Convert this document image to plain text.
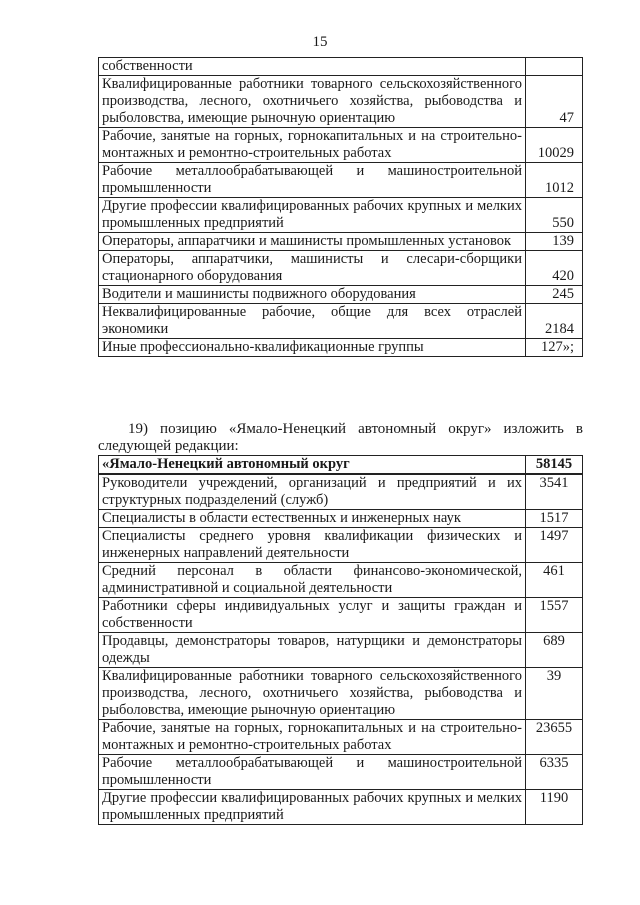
15
собственности	
Квалифицированные работники товарного сельскохозяйственного производства, лесного, охотничьего хозяйства, рыбоводства и рыболовства, имеющие рыночную ориентацию	47
Рабочие, занятые на горных, горнокапитальных и на строительно-монтажных и ремонтно-строительных работах	10029
Рабочие металлообрабатывающей и машиностроительной промышленности	1012
Другие профессии квалифицированных рабочих крупных и мелких промышленных предприятий	550
Операторы, аппаратчики и машинисты промышленных установок	139
Операторы, аппаратчики, машинисты и слесари-сборщики стационарного оборудования	420
Водители и машинисты подвижного оборудования	245
Неквалифицированные рабочие, общие для всех отраслей экономики	2184
Иные профессионально-квалификационные группы	127»;
19) позицию «Ямало-Ненецкий автономный округ» изложить в следующей редакции:
«Ямало-Ненецкий автономный округ	58145
Руководители учреждений, организаций и предприятий и их структурных подразделений (служб)	3541
Специалисты в области естественных и инженерных наук	1517
Специалисты среднего уровня квалификации физических и инженерных направлений деятельности	1497
Средний персонал в области финансово-экономической, административной и социальной деятельности	461
Работники сферы индивидуальных услуг и защиты граждан и собственности	1557
Продавцы, демонстраторы товаров, натурщики и демонстраторы одежды	689
Квалифицированные работники товарного сельскохозяйственного производства, лесного, охотничьего хозяйства, рыбоводства и рыболовства, имеющие рыночную ориентацию	39
Рабочие, занятые на горных, горнокапитальных и на строительно-монтажных и ремонтно-строительных работах	23655
Рабочие металлообрабатывающей и машиностроительной промышленности	6335
Другие профессии квалифицированных рабочих крупных и мелких промышленных предприятий	1190
